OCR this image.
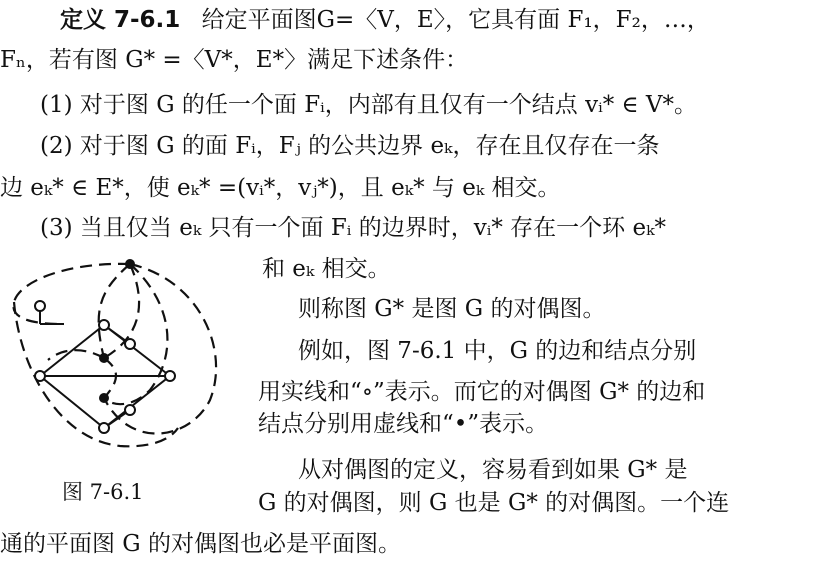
定义 7-6.1 给定平面图G=〈V，E〉，它具有面 F₁，F₂，…，
Fₙ，若有图 G* =〈V*，E*〉满足下述条件：
(1) 对于图 G 的任一个面 Fᵢ，内部有且仅有一个结点 vᵢ* ∈ V*。
(2) 对于图 G 的面 Fᵢ，Fⱼ 的公共边界 eₖ，存在且仅存在一条
边 eₖ* ∈ E*，使 eₖ* =(vᵢ*，vⱼ*)，且 eₖ* 与 eₖ 相交。
(3) 当且仅当 eₖ 只有一个面 Fᵢ 的边界时，vᵢ* 存在一个环 eₖ*
和 eₖ 相交。
则称图 G* 是图 G 的对偶图。
例如，图 7-6.1 中，G 的边和结点分别
用实线和“∘”表示。而它的对偶图 G* 的边和
结点分别用虚线和“•”表示。
从对偶图的定义，容易看到如果 G* 是
G 的对偶图，则 G 也是 G* 的对偶图。一个连
通的平面图 G 的对偶图也必是平面图。
图 7-6.1
